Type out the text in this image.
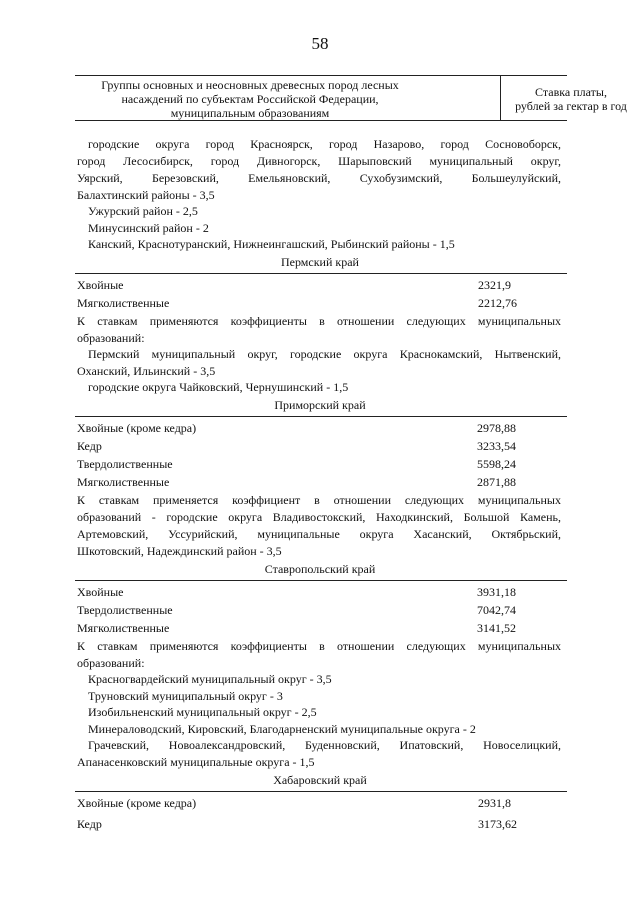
58
Группы основных и неосновных древесных пород лесных
насаждений по субъектам Российской Федерации,
муниципальным образованиям
Ставка платы,
рублей за гектар в год
городские округа город Красноярск, город Назарово, город Сосновоборск,
город Лесосибирск, город Дивногорск, Шарыповский муниципальный округ,
Уярский, Березовский, Емельяновский, Сухобузимский, Большеулуйский,
Балахтинский районы - 3,5
Ужурский район - 2,5
Минусинский район - 2
Канский, Краснотуранский, Нижнеингашский, Рыбинский районы - 1,5
Пермский край
Хвойные	2321,9
Мягколиственные	2212,76
К ставкам применяются коэффициенты в отношении следующих муниципальных
образований:
Пермский муниципальный округ, городские округа Краснокамский, Нытвенский,
Оханский, Ильинский - 3,5
городские округа Чайковский, Чернушинский - 1,5
Приморский край
Хвойные (кроме кедра)	2978,88
Кедр	3233,54
Твердолиственные	5598,24
Мягколиственные	2871,88
К ставкам применяется коэффициент в отношении следующих муниципальных
образований - городские округа Владивостокский, Находкинский, Большой Камень,
Артемовский, Уссурийский, муниципальные округа Хасанский, Октябрьский,
Шкотовский, Надеждинский район - 3,5
Ставропольский край
Хвойные	3931,18
Твердолиственные	7042,74
Мягколиственные	3141,52
К ставкам применяются коэффициенты в отношении следующих муниципальных
образований:
Красногвардейский муниципальный округ - 3,5
Труновский муниципальный округ - 3
Изобильненский муниципальный округ - 2,5
Минераловодский, Кировский, Благодарненский муниципальные округа - 2
Грачевский, Новоалександровский, Буденновский, Ипатовский, Новоселицкий,
Апанасенковский муниципальные округа - 1,5
Хабаровский край
Хвойные (кроме кедра)	2931,8
Кедр	3173,62
